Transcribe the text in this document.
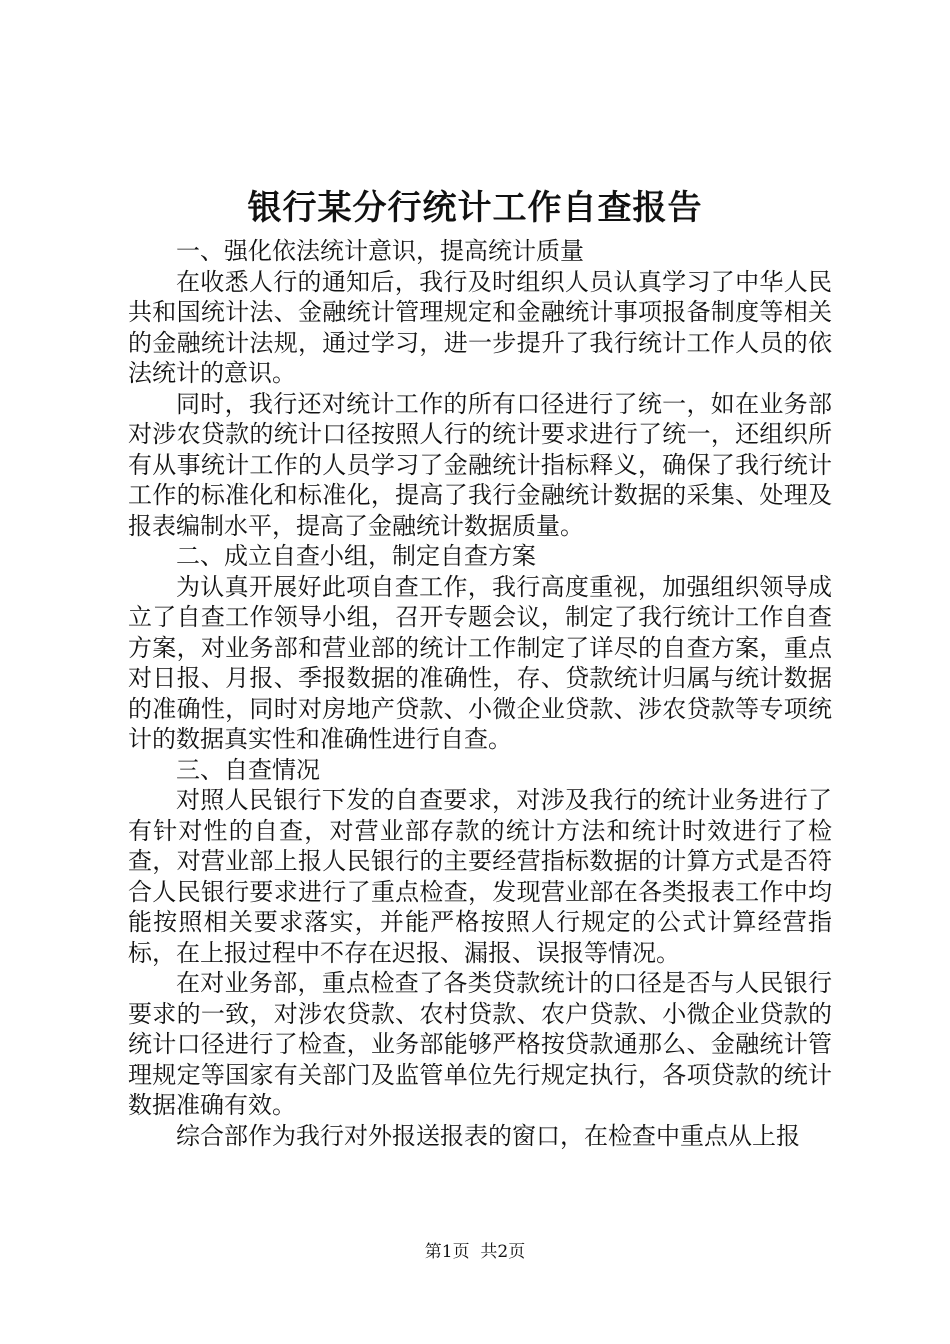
银行某分行统计工作自查报告

一、强化依法统计意识，提高统计质量

在收悉人行的通知后，我行及时组织人员认真学习了中华人民共和国统计法、金融统计管理规定和金融统计事项报备制度等相关的金融统计法规，通过学习，进一步提升了我行统计工作人员的依法统计的意识。

同时，我行还对统计工作的所有口径进行了统一，如在业务部对涉农贷款的统计口径按照人行的统计要求进行了统一，还组织所有从事统计工作的人员学习了金融统计指标释义，确保了我行统计工作的标准化和标准化，提高了我行金融统计数据的采集、处理及报表编制水平，提高了金融统计数据质量。

二、成立自查小组，制定自查方案

为认真开展好此项自查工作，我行高度重视，加强组织领导成立了自查工作领导小组，召开专题会议，制定了我行统计工作自查方案，对业务部和营业部的统计工作制定了详尽的自查方案，重点对日报、月报、季报数据的准确性，存、贷款统计归属与统计数据的准确性，同时对房地产贷款、小微企业贷款、涉农贷款等专项统计的数据真实性和准确性进行自查。

三、自查情况

对照人民银行下发的自查要求，对涉及我行的统计业务进行了有针对性的自查，对营业部存款的统计方法和统计时效进行了检查，对营业部上报人民银行的主要经营指标数据的计算方式是否符合人民银行要求进行了重点检查，发现营业部在各类报表工作中均能按照相关要求落实，并能严格按照人行规定的公式计算经营指标，在上报过程中不存在迟报、漏报、误报等情况。

在对业务部，重点检查了各类贷款统计的口径是否与人民银行要求的一致，对涉农贷款、农村贷款、农户贷款、小微企业贷款的统计口径进行了检查，业务部能够严格按贷款通那么、金融统计管理规定等国家有关部门及监管单位先行规定执行，各项贷款的统计数据准确有效。

综合部作为我行对外报送报表的窗口，在检查中重点从上报

第1页  共2页
